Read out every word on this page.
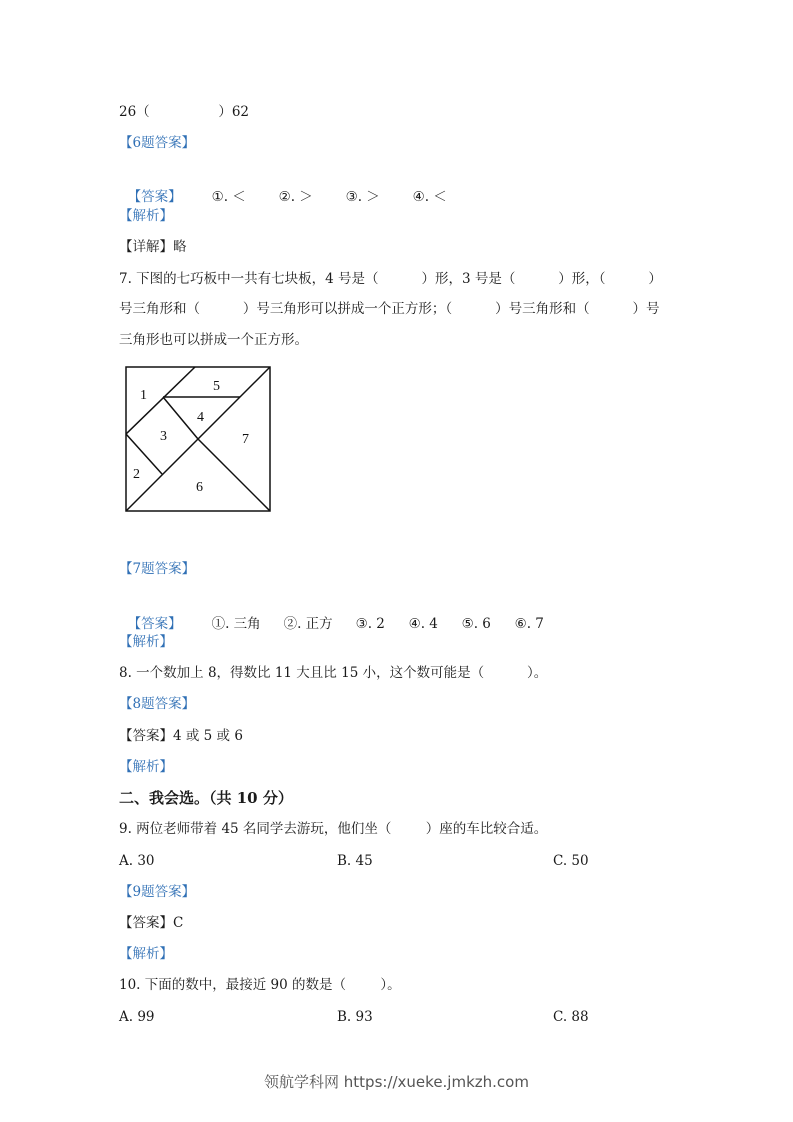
26（                ）62
【6题答案】

【答案】 ①. ＜ ②. ＞ ③. ＞ ④. ＜

【解析】
【详解】略
7. 下图的七巧板中一共有七块板，4 号是（          ）形，3 号是（          ）形，（          ）
号三角形和（          ）号三角形可以拼成一个正方形；（          ）号三角形和（          ）号
三角形也可以拼成一个正方形。
1
5
4
3	7
2
6
【7题答案】

【答案】 ①. 三角 ②. 正方 ③. 2 ④. 4 ⑤. 6 ⑥. 7

【解析】
8. 一个数加上 8，得数比 11 大且比 15 小，这个数可能是（          ）。
【8题答案】
【答案】4 或 5 或 6
【解析】
二、我会选。（共 10 分）
9. 两位老师带着 45 名同学去游玩，他们坐（        ）座的车比较合适。
A. 30	B. 45	C. 50
【9题答案】
【答案】C
【解析】
10. 下面的数中，最接近 90 的数是（        ）。
A. 99	B. 93	C. 88
领航学科网 https://xueke.jmkzh.com
